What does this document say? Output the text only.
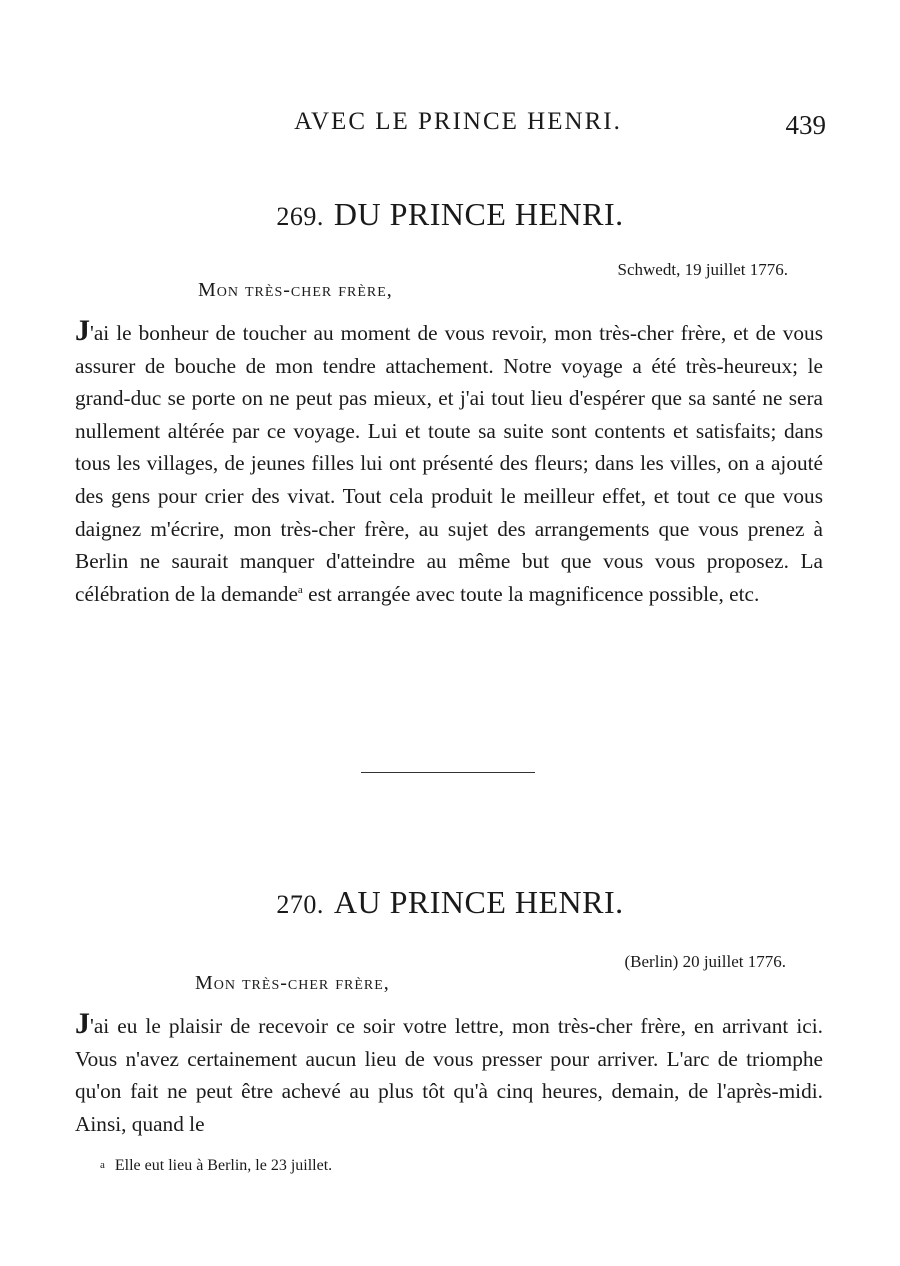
AVEC LE PRINCE HENRI.	439
269. DU PRINCE HENRI.
Schwedt, 19 juillet 1776.
Mon très-cher frère,

J'ai le bonheur de toucher au moment de vous revoir, mon très-cher frère, et de vous assurer de bouche de mon tendre attachement. Notre voyage a été très-heureux; le grand-duc se porte on ne peut pas mieux, et j'ai tout lieu d'espérer que sa santé ne sera nullement altérée par ce voyage. Lui et toute sa suite sont contents et satisfaits; dans tous les villages, de jeunes filles lui ont présenté des fleurs; dans les villes, on a ajouté des gens pour crier des vivat. Tout cela produit le meilleur effet, et tout ce que vous daignez m'écrire, mon très-cher frère, au sujet des arrangements que vous prenez à Berlin ne saurait manquer d'atteindre au même but que vous vous proposez. La célébration de la demande$^a$ est arrangée avec toute la magnificence possible, etc.

270. AU PRINCE HENRI.
(Berlin) 20 juillet 1776.
Mon très-cher frère,

J'ai eu le plaisir de recevoir ce soir votre lettre, mon très-cher frère, en arrivant ici. Vous n'avez certainement aucun lieu de vous presser pour arriver. L'arc de triomphe qu'on fait ne peut être achevé au plus tôt qu'à cinq heures, demain, de l'après-midi. Ainsi, quand le

a Elle eut lieu à Berlin, le 23 juillet.
